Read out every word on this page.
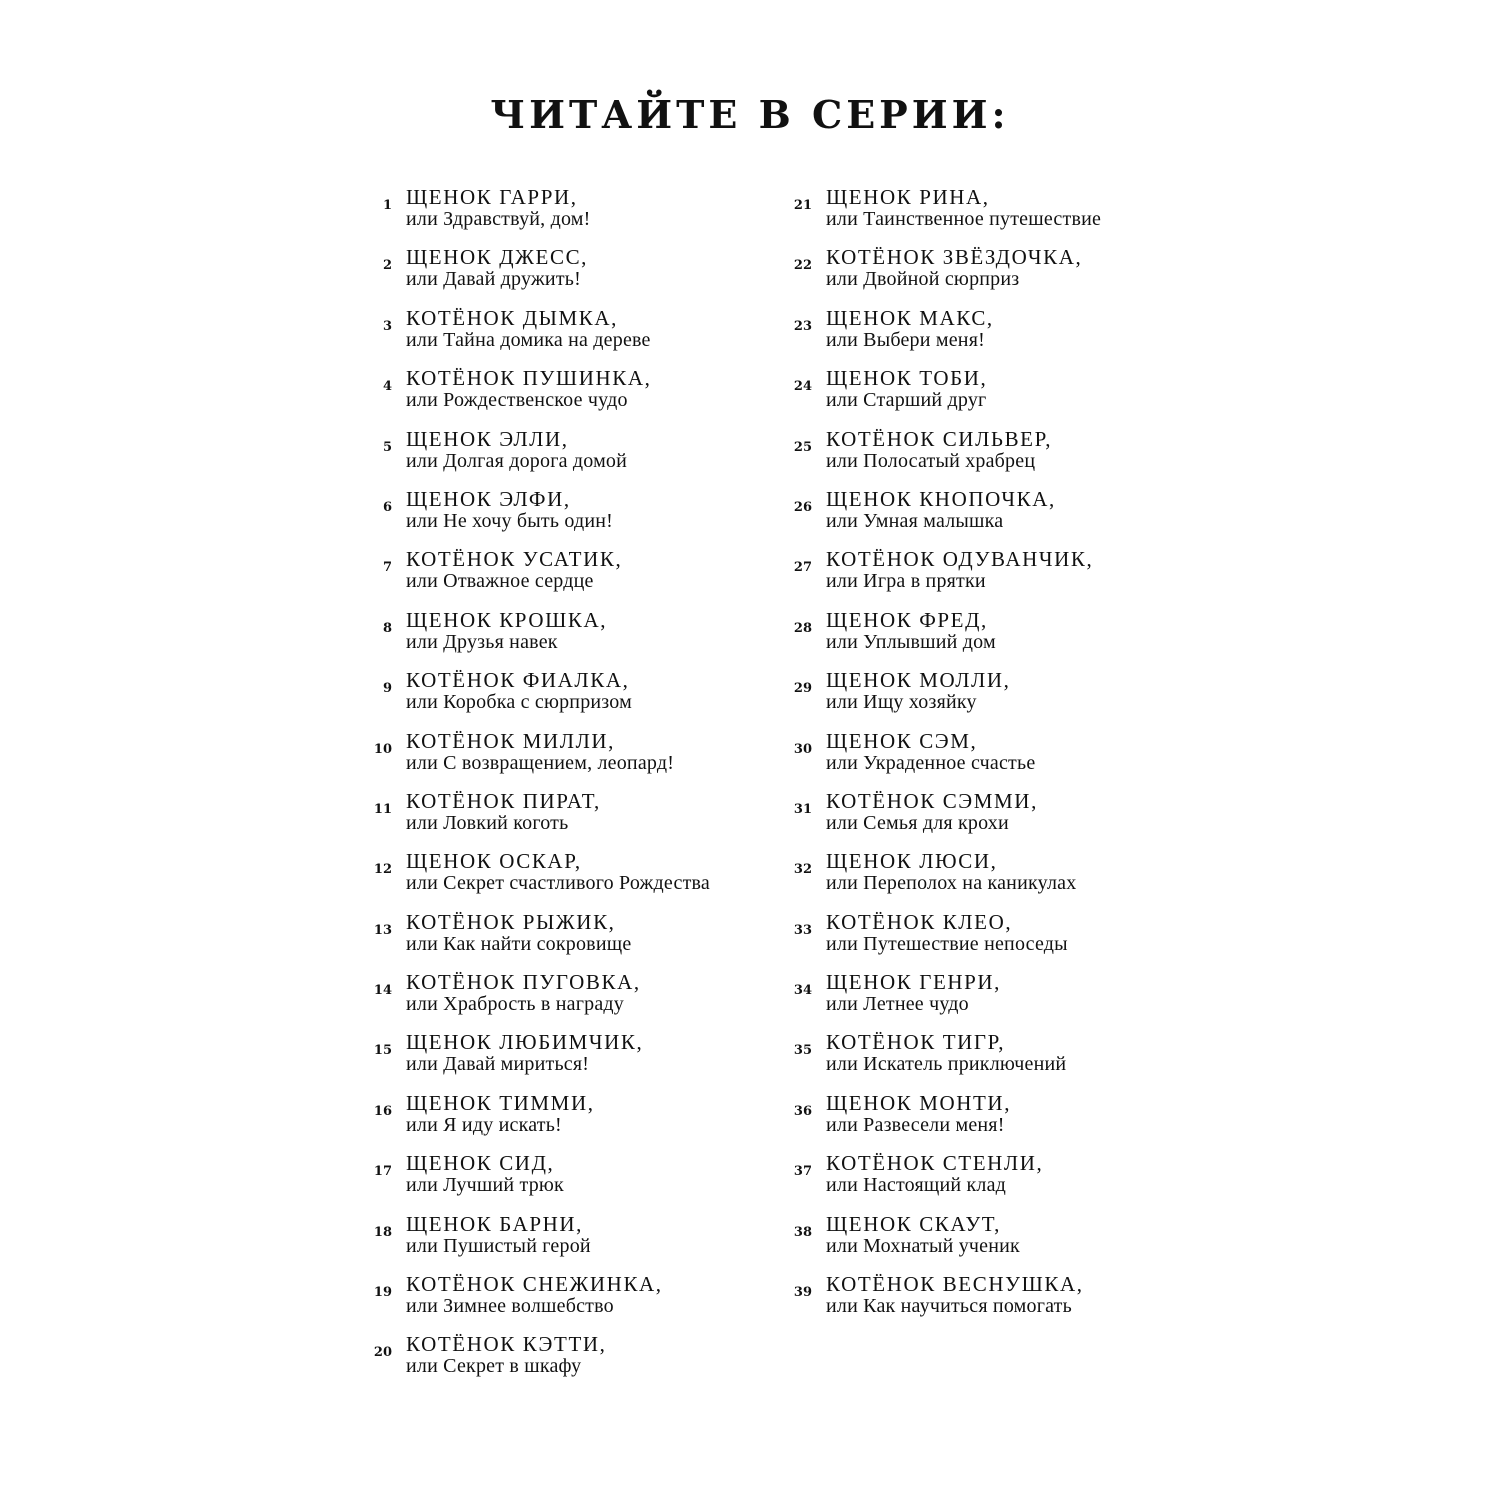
ЧИТАЙТЕ В СЕРИИ:
1 ЩЕНОК ГАРРИ,
или Здравствуй, дом!
2 ЩЕНОК ДЖЕСС,
или Давай дружить!
3 КОТЁНОК ДЫМКА,
или Тайна домика на дереве
4 КОТЁНОК ПУШИНКА,
или Рождественское чудо
5 ЩЕНОК ЭЛЛИ,
или Долгая дорога домой
6 ЩЕНОК ЭЛФИ,
или Не хочу быть один!
7 КОТЁНОК УСАТИК,
или Отважное сердце
8 ЩЕНОК КРОШКА,
или Друзья навек
9 КОТЁНОК ФИАЛКА,
или Коробка с сюрпризом
10 КОТЁНОК МИЛЛИ,
или С возвращением, леопард!
11 КОТЁНОК ПИРАТ,
или Ловкий коготь
12 ЩЕНОК ОСКАР,
или Секрет счастливого Рождества
13 КОТЁНОК РЫЖИК,
или Как найти сокровище
14 КОТЁНОК ПУГОВКА,
или Храбрость в награду
15 ЩЕНОК ЛЮБИМЧИК,
или Давай мириться!
16 ЩЕНОК ТИММИ,
или Я иду искать!
17 ЩЕНОК СИД,
или Лучший трюк
18 ЩЕНОК БАРНИ,
или Пушистый герой
19 КОТЁНОК СНЕЖИНКА,
или Зимнее волшебство
20 КОТЁНОК КЭТТИ,
или Секрет в шкафу
21 ЩЕНОК РИНА,
или Таинственное путешествие
22 КОТЁНОК ЗВЁЗДОЧКА,
или Двойной сюрприз
23 ЩЕНОК МАКС,
или Выбери меня!
24 ЩЕНОК ТОБИ,
или Старший друг
25 КОТЁНОК СИЛЬВЕР,
или Полосатый храбрец
26 ЩЕНОК КНОПОЧКА,
или Умная малышка
27 КОТЁНОК ОДУВАНЧИК,
или Игра в прятки
28 ЩЕНОК ФРЕД,
или Уплывший дом
29 ЩЕНОК МОЛЛИ,
или Ищу хозяйку
30 ЩЕНОК СЭМ,
или Украденное счастье
31 КОТЁНОК СЭММИ,
или Семья для крохи
32 ЩЕНОК ЛЮСИ,
или Переполох на каникулах
33 КОТЁНОК КЛЕО,
или Путешествие непоседы
34 ЩЕНОК ГЕНРИ,
или Летнее чудо
35 КОТЁНОК ТИГР,
или Искатель приключений
36 ЩЕНОК МОНТИ,
или Развесели меня!
37 КОТЁНОК СТЕНЛИ,
или Настоящий клад
38 ЩЕНОК СКАУТ,
или Мохнатый ученик
39 КОТЁНОК ВЕСНУШКА,
или Как научиться помогать
